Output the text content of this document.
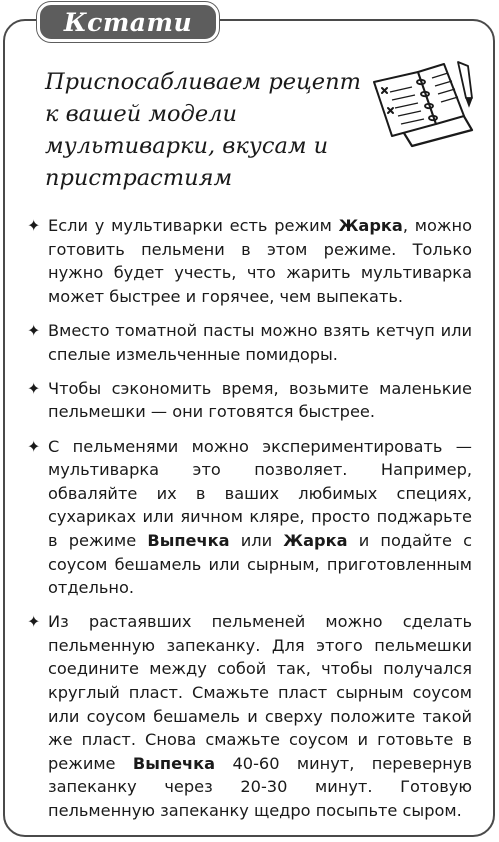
Кстати
Приспосабливаем рецепт к вашей модели мультиварки, вкусам и пристрастиям
✦ Если у мультиварки есть режим Жарка, можно готовить пельмени в этом режиме. Только нужно будет учесть, что жарить мультиварка может быстрее и горячее, чем выпекать.
✦ Вместо томатной пасты можно взять кетчуп или спелые измельченные помидоры.
✦ Чтобы сэкономить время, возьмите маленькие пельмешки — они готовятся быстрее.
✦ С пельменями можно экспериментировать — мультиварка это позволяет. Например, обваляйте их в ваших любимых специях, сухариках или яичном кляре, просто поджарьте в режиме Выпечка или Жарка и подайте с соусом бешамель или сырным, приготовленным отдельно.
✦ Из растаявших пельменей можно сделать пельменную запеканку. Для этого пельмешки соедините между собой так, чтобы получался круглый пласт. Смажьте пласт сырным соусом или соусом бешамель и сверху положите такой же пласт. Снова смажьте соусом и готовьте в режиме Выпечка 40-60 минут, перевернув запеканку через 20-30 минут. Готовую пельменную запеканку щедро посыпьте сыром.
